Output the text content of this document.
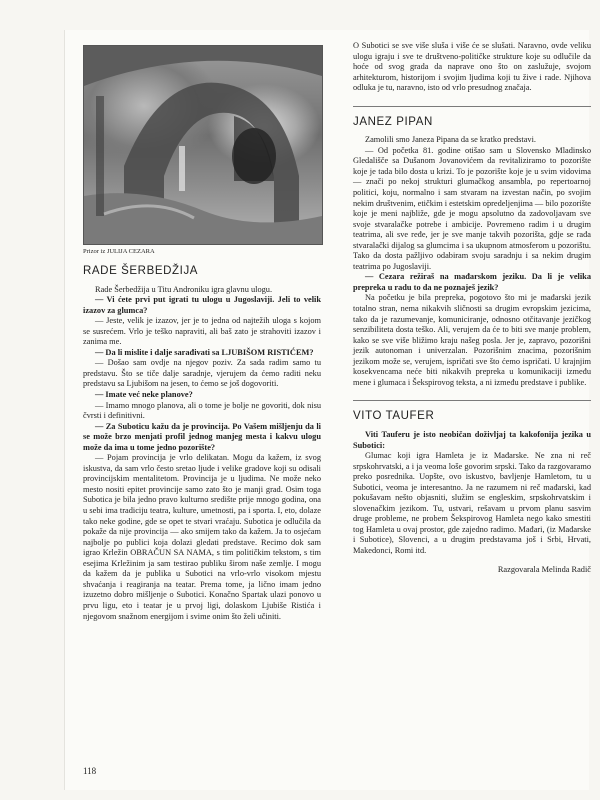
Prizor iz JULIJA CEZARA

RADE ŠERBEDŽIJA

Rade Šerbedžija u Titu Androniku igra glavnu ulogu.

— Vi ćete prvi put igrati tu ulogu u Jugoslaviji. Jeli to velik izazov za glumca?

— Jeste, velik je izazov, jer je to jedna od najtežih uloga s kojom se susrećem. Vrlo je teško napraviti, ali baš zato je strahoviti izazov i zanima me.

— Da li mislite i dalje sarađivati sa LJUBIŠOM RISTIĆEM?

— Došao sam ovdje na njegov poziv. Za sada radim samo tu predstavu. Što se tiče dalje saradnje, vjerujem da ćemo raditi neku predstavu sa Ljubišom na jesen, to ćemo se još dogovoriti.

— Imate već neke planove?

— Imamo mnogo planova, ali o tome je bolje ne govoriti, dok nisu čvrsti i definitivni.

— Za Suboticu kažu da je provincija. Po Vašem mišljenju da li se može brzo menjati profil jednog manjeg mesta i kakvu ulogu može da ima u tome jedno pozorište?

— Pojam provincija je vrlo delikatan. Mogu da kažem, iz svog iskustva, da sam vrlo često sretao ljude i velike gradove koji su odisali provincijskim mentalitetom. Provincija je u ljudima. Ne može neko mesto nositi epitet provincije samo zato što je manji grad. Osim toga Subotica je bila jedno pravo kulturno središte prije mnogo godina, ona u sebi ima tradiciju teatra, kulture, umetnosti, pa i sporta. I, eto, dolaze tako neke godine, gde se opet te stvari vraćaju. Subotica je odlučila da pokaže da nije provincija — ako smijem tako da kažem. Ja to osjećam najbolje po publici koja dolazi gledati predstave. Recimo dok sam igrao Krležin OBRAČUN SA NAMA, s tim političkim tekstom, s tim esejima Krležinim ja sam testirao publiku širom naše zemlje. I mogu da kažem da je publika u Subotici na vrlo-vrlo visokom mjestu shvaćanja i reagiranja na teatar. Prema tome, ja lično imam jedno izuzetno dobro mišljenje o Subotici. Konačno Spartak ulazi ponovo u prvu ligu, eto i teatar je u prvoj ligi, dolaskom Ljubiše Ristića i njegovom snažnom energijom i svime onim što želi učiniti.

O Subotici se sve više sluša i više će se slušati. Naravno, ovde veliku ulogu igraju i sve te društveno-političke strukture koje su odlučile da hoće od svog grada da naprave ono što on zaslužuje, svojom arhitekturom, historijom i svojim ljudima koji tu žive i rade. Njihova odluka je tu, naravno, isto od vrlo presudnog značaja.

JANEZ PIPAN

Zamolili smo Janeza Pipana da se kratko predstavi.

— Od početka 81. godine otišao sam u Slovensko Mladinsko Gledališče sa Dušanom Jovanovićem da revitaliziramo to pozorište koje je tada bilo dosta u krizi. To je pozorište koje je u svim vidovima — znači po nekoj strukturi glumačkog ansambla, po repertoarnoj politici, koju, normalno i sam stvaram na izvestan način, po svojim nekim društvenim, etičkim i estetskim opredeljenjima — bilo pozorište koje je meni najbliže, gde je mogu apsolutno da zadovoljavam sve svoje stvaralačke potrebe i ambicije. Povremeno radim i u drugim teatrima, ali sve ređe, jer je sve manje takvih pozorišta, gdje se rađa stvaralački dijalog sa glumcima i sa ukupnom atmosferom u pozorištu. Tako da dosta pažljivo odabiram svoju saradnju i sa nekim drugim teatrima po Jugoslaviji.

— Cezara režiraš na mađarskom jeziku. Da li je velika prepreka u radu to da ne poznaješ jezik?

Na početku je bila prepreka, pogotovo što mi je mađarski jezik totalno stran, nema nikakvih sličnosti sa drugim evropskim jezicima, tako da je razumevanje, komuniciranje, odnosno otčitavanje jezičkog senzibiliteta dosta teško. Ali, verujem da će to biti sve manje problem, kako se sve više bližimo kraju našeg posla. Jer je, zapravo, pozorišni jezik autonoman i univerzalan. Pozorišnim znacima, pozorišnim jezikom može se, verujem, ispričati sve što ćemo ispričati. U krajnjim kosekvencama neće biti nikakvih prepreka u komunikaciji između mene i glumaca i Šekspirovog teksta, a ni između predstave i publike.

VITO TAUFER

Viti Tauferu je isto neobičan doživljaj ta kakofonija jezika u Subotici:

Glumac koji igra Hamleta je iz Mađarske. Ne zna ni reč srpskohrvatski, a i ja veoma loše govorim srpski. Tako da razgovaramo preko posrednika. Uopšte, ovo iskustvo, bavljenje Hamletom, tu u Subotici, veoma je interesantno. Ja ne razumem ni reč mađarski, kad pokušavam nešto objasniti, služim se engleskim, srpskohrvatskim i slovenačkim jezikom. Tu, ustvari, rešavam u prvom planu sasvim druge probleme, ne probem Šekspirovog Hamleta nego kako smestiti tog Hamleta u ovaj prostor, gde zajedno radimo. Mađari, (iz Mađarske i Subotice), Slovenci, a u drugim predstavama još i Srbi, Hrvati, Makedonci, Romi itd.

Razgovarala Melinda Radič

118
